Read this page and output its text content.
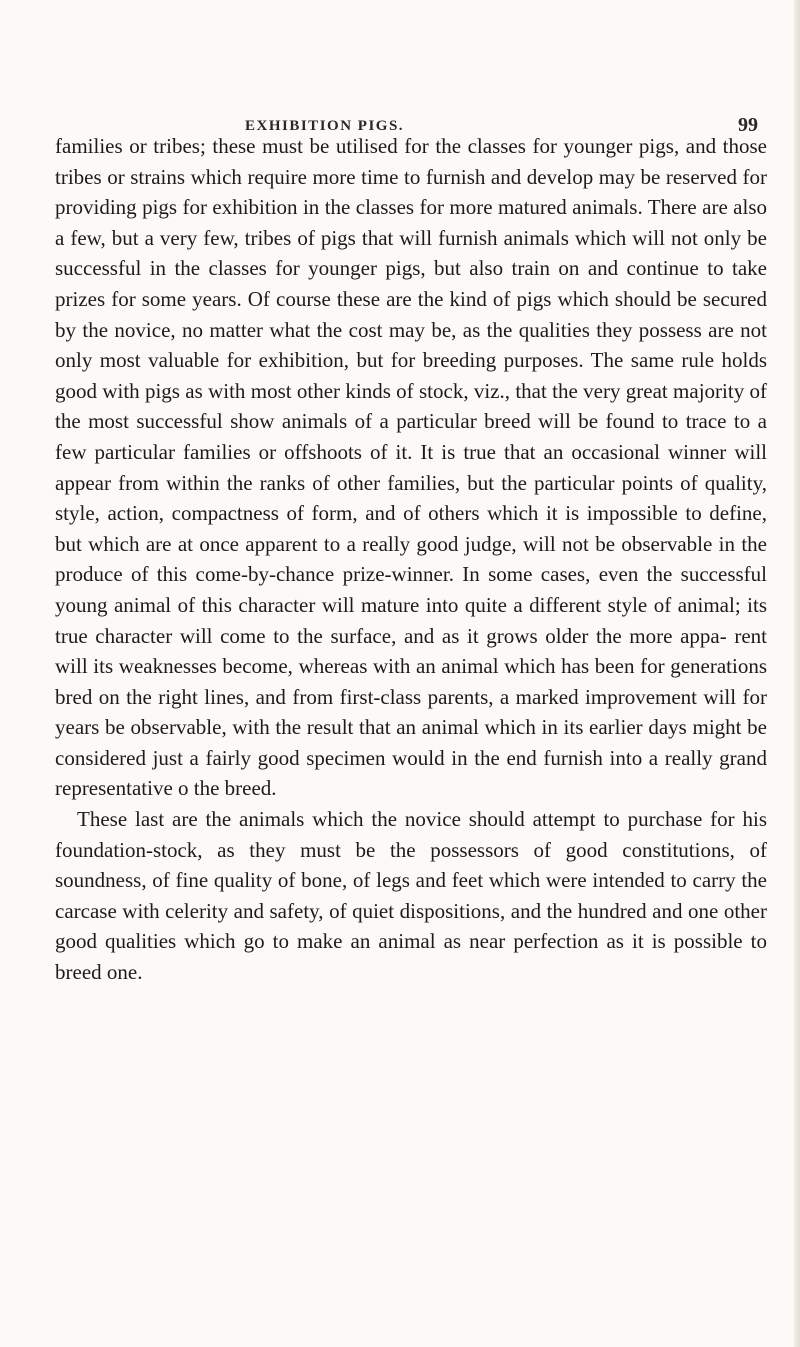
EXHIBITION PIGS.	99

families or tribes; these must be utilised for the classes for younger pigs, and those tribes or strains which require more time to furnish and develop may be reserved for providing pigs for exhibition in the classes for more matured animals. There are also a few, but a very few, tribes of pigs that will furnish animals which will not only be successful in the classes for younger pigs, but also train on and continue to take prizes for some years. Of course these are the kind of pigs which should be secured by the novice, no matter what the cost may be, as the qualities they possess are not only most valuable for exhibition, but for breeding purposes. The same rule holds good with pigs as with most other kinds of stock, viz., that the very great majority of the most successful show animals of a particular breed will be found to trace to a few particular families or offshoots of it. It is true that an occasional winner will appear from within the ranks of other families, but the particular points of quality, style, action, compactness of form, and of others which it is impossible to define, but which are at once apparent to a really good judge, will not be observable in the produce of this come-by-chance prize-winner. In some cases, even the successful young animal of this character will mature into quite a different style of animal; its true character will come to the surface, and as it grows older the more appa- rent will its weaknesses become, whereas with an animal which has been for generations bred on the right lines, and from first-class parents, a marked improvement will for years be observable, with the result that an animal which in its earlier days might be considered just a fairly good specimen would in the end furnish into a really grand representative o the breed.

These last are the animals which the novice should attempt to purchase for his foundation-stock, as they must be the possessors of good constitutions, of soundness, of fine quality of bone, of legs and feet which were intended to carry the carcase with celerity and safety, of quiet dispositions, and the hundred and one other good qualities which go to make an animal as near perfection as it is possible to breed one.
